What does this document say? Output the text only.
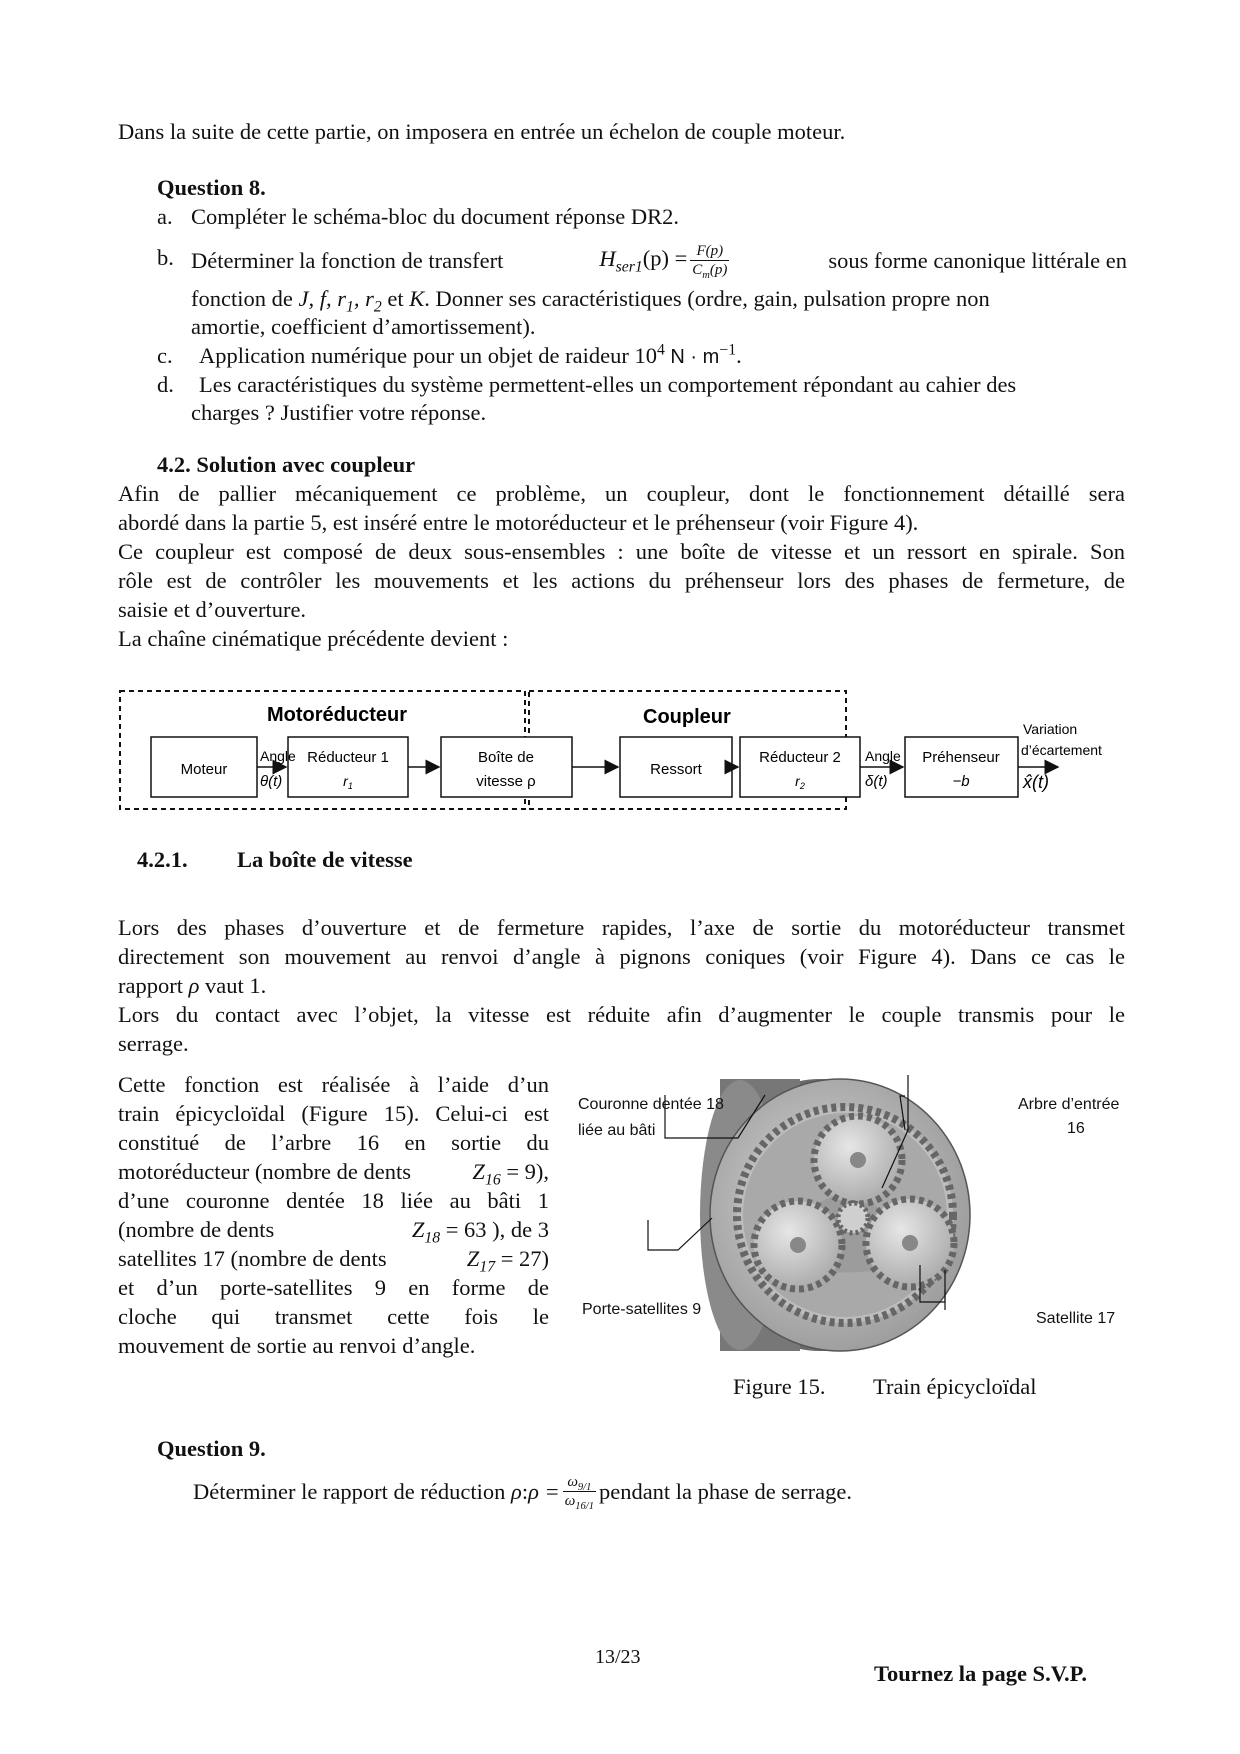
Dans la suite de cette partie, on imposera en entrée un échelon de couple moteur.
Question 8.
a. Compléter le schéma-bloc du document réponse DR2.
b. Déterminer la fonction de transfert	$H_{ser1}(p) = \frac{F(p)}{C_m(p)}$	sous forme canonique littérale en
fonction de J, f, $r_1$, $r_2$ et K. Donner ses caractéristiques (ordre, gain, pulsation propre non
amortie, coefficient d’amortissement).
c. Application numérique pour un objet de raideur $10^4$ $N \cdot m^{-1}$.
d. Les caractéristiques du système permettent-elles un comportement répondant au cahier des
charges ? Justifier votre réponse.
4.2. Solution avec coupleur
Afin de pallier mécaniquement ce problème, un coupleur, dont le fonctionnement détaillé sera
abordé dans la partie 5, est inséré entre le motoréducteur et le préhenseur (voir Figure 4).
Ce coupleur est composé de deux sous-ensembles : une boîte de vitesse et un ressort en spirale. Son
rôle est de contrôler les mouvements et les actions du préhenseur lors des phases de fermeture, de
saisie et d’ouverture.
La chaîne cinématique précédente devient :
Motoréducteur	Coupleur
Moteur
Réducteur 1
$r_1$
Boîte de
vitesse ρ
Ressort
Réducteur 2
$r_2$
Préhenseur
−b
Angle
θ(t)
Angle
δ(t)
Variation
d’écartement
x̂(t)
4.2.1. La boîte de vitesse
Lors des phases d’ouverture et de fermeture rapides, l’axe de sortie du motoréducteur transmet
directement son mouvement au renvoi d’angle à pignons coniques (voir Figure 4). Dans ce cas le
rapport ρ vaut 1.
Lors du contact avec l’objet, la vitesse est réduite afin d’augmenter le couple transmis pour le
serrage.
Cette fonction est réalisée à l’aide d’un
train épicycloïdal (Figure 15). Celui-ci est
constitué de l’arbre 16 en sortie du
motoréducteur (nombre de dents	$Z_{16} = 9$),
d’une couronne dentée 18 liée au bâti 1
(nombre de dents	$Z_{18} = 63$ ), de 3
satellites 17 (nombre de dents	$Z_{17} = 27$)
et d’un porte-satellites 9 en forme de
cloche qui transmet cette fois le
mouvement de sortie au renvoi d’angle.
Couronne dentée 18
liée au bâti
Arbre d’entrée
16
Porte-satellites 9
Satellite 17
Figure 15. Train épicycloïdal
Question 9.
Déterminer le rapport de réduction
ρ : $\rho = \frac{\omega_{9/1}}{\omega_{16/1}}$ pendant la phase de serrage.
13/23
Tournez la page S.V.P.
